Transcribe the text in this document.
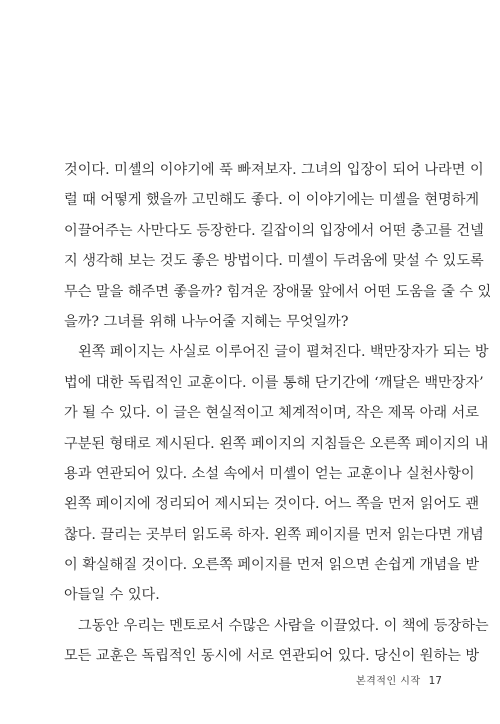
것이다. 미셸의 이야기에 푹 빠져보자. 그녀의 입장이 되어 나라면 이
럴 때 어떻게 했을까 고민해도 좋다. 이 이야기에는 미셸을 현명하게
이끌어주는 사만다도 등장한다. 길잡이의 입장에서 어떤 충고를 건넬
지 생각해 보는 것도 좋은 방법이다. 미셸이 두려움에 맞설 수 있도록
무슨 말을 해주면 좋을까? 힘겨운 장애물 앞에서 어떤 도움을 줄 수 있
을까? 그녀를 위해 나누어줄 지혜는 무엇일까?
왼쪽 페이지는 사실로 이루어진 글이 펼쳐진다. 백만장자가 되는 방
법에 대한 독립적인 교훈이다. 이를 통해 단기간에 ‘깨달은 백만장자’
가 될 수 있다. 이 글은 현실적이고 체계적이며, 작은 제목 아래 서로
구분된 형태로 제시된다. 왼쪽 페이지의 지침들은 오른쪽 페이지의 내
용과 연관되어 있다. 소설 속에서 미셸이 얻는 교훈이나 실천사항이
왼쪽 페이지에 정리되어 제시되는 것이다. 어느 쪽을 먼저 읽어도 괜
찮다. 끌리는 곳부터 읽도록 하자. 왼쪽 페이지를 먼저 읽는다면 개념
이 확실해질 것이다. 오른쪽 페이지를 먼저 읽으면 손쉽게 개념을 받
아들일 수 있다.
그동안 우리는 멘토로서 수많은 사람을 이끌었다. 이 책에 등장하는
모든 교훈은 독립적인 동시에 서로 연관되어 있다. 당신이 원하는 방
본격적인 시작 17
